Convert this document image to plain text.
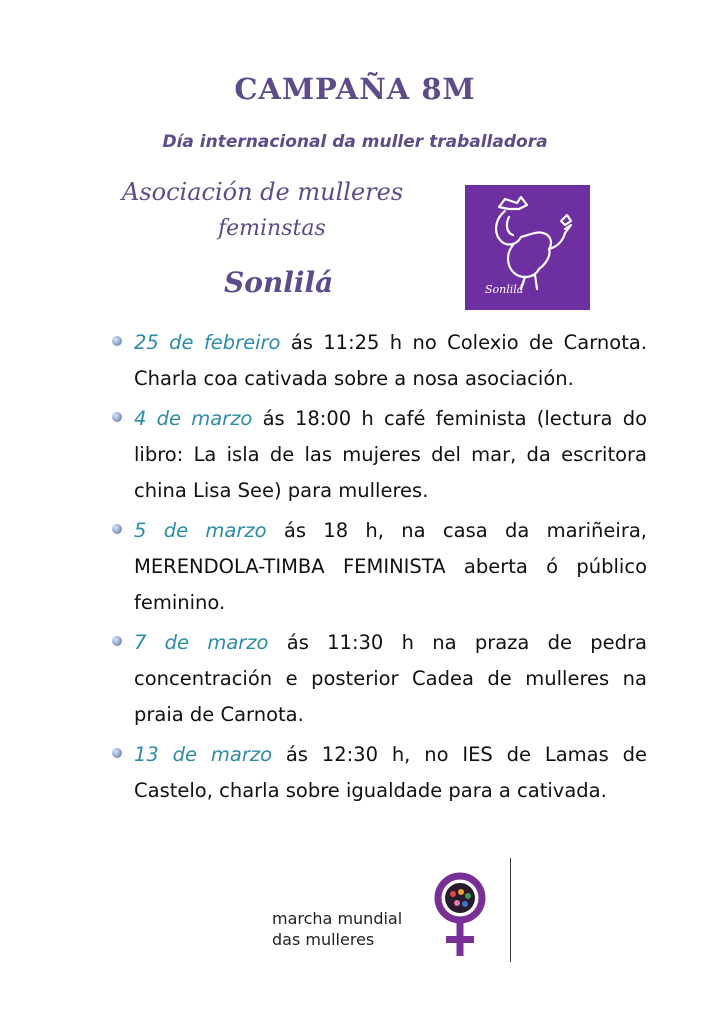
CAMPAÑA 8M
Día internacional da muller traballadora
Asociación de mulleres
feminstas
Sonlilá	Sonlilá

25 de febreiro ás 11:25 h no Colexio de Carnota. Charla coa cativada sobre a nosa asociación.

4 de marzo ás 18:00 h café feminista (lectura do libro: La isla de las mujeres del mar, da escritora china Lisa See) para mulleres.

5 de marzo ás 18 h, na casa da mariñeira, MERENDOLA-TIMBA FEMINISTA aberta ó público feminino.

7 de marzo ás 11:30 h na praza de pedra concentración e posterior Cadea de mulleres na praia de Carnota.

13 de marzo ás 12:30 h, no IES de Lamas de Castelo, charla sobre igualdade para a cativada.

marcha mundial
das mulleres
